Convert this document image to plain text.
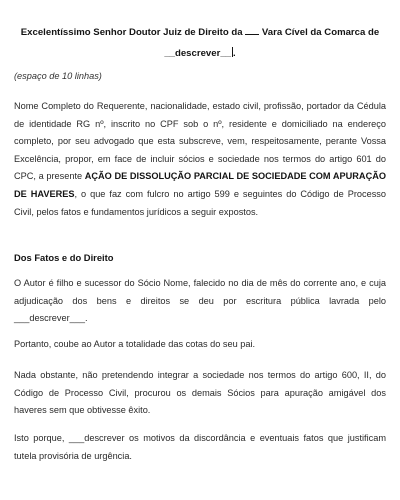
Excelentíssimo Senhor Doutor Juiz de Direito da  Vara Cível da Comarca de
__descrever__ .
(espaço de 10 linhas)
Nome Completo do Requerente, nacionalidade, estado civil, profissão, portador da Cédula de identidade RG nº, inscrito no CPF sob o nº, residente e domiciliado na endereço completo, por seu advogado que esta subscreve, vem, respeitosamente, perante Vossa Excelência, propor, em face de incluir sócios e sociedade nos termos do artigo 601 do CPC, a presente AÇÃO DE DISSOLUÇÃO PARCIAL DE SOCIEDADE COM APURAÇÃO DE HAVERES, o que faz com fulcro no artigo 599 e seguintes do Código de Processo Civil, pelos fatos e fundamentos jurídicos a seguir expostos.
Dos Fatos e do Direito
O Autor é filho e sucessor do Sócio Nome, falecido no dia de mês do corrente ano, e cuja adjudicação dos bens e direitos se deu por escritura pública lavrada pelo ___descrever___.
Portanto, coube ao Autor a totalidade das cotas do seu pai.
Nada obstante, não pretendendo integrar a sociedade nos termos do artigo 600, II, do Código de Processo Civil, procurou os demais Sócios para apuração amigável dos haveres sem que obtivesse êxito.
Isto porque, ___descrever os motivos da discordância e eventuais fatos que justificam tutela provisória de urgência.
